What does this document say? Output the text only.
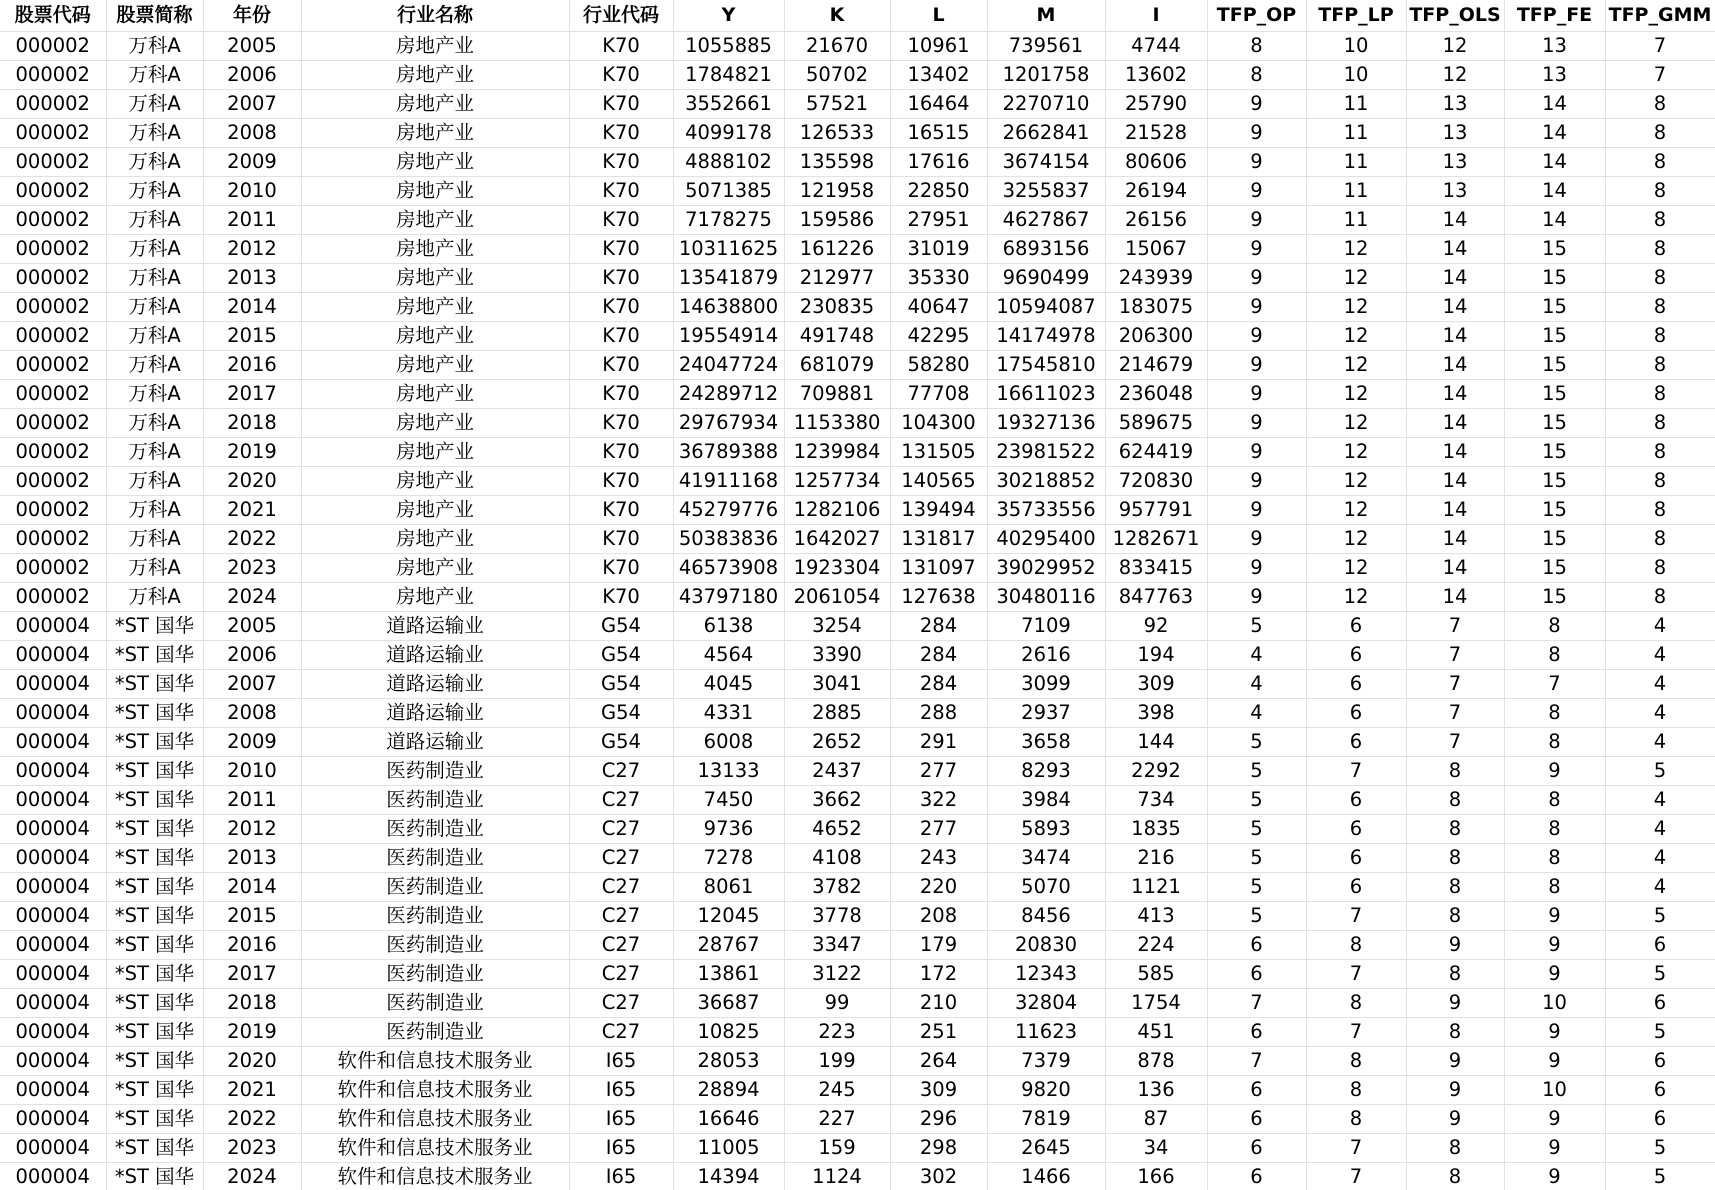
股票代码	股票简称	年份	行业名称	行业代码	Y	K	L	M	I	TFP_OP	TFP_LP	TFP_OLS	TFP_FE	TFP_GMM
000002	万科A	2005	房地产业	K70	1055885	21670	10961	739561	4744	8	10	12	13	7
000002	万科A	2006	房地产业	K70	1784821	50702	13402	1201758	13602	8	10	12	13	7
000002	万科A	2007	房地产业	K70	3552661	57521	16464	2270710	25790	9	11	13	14	8
000002	万科A	2008	房地产业	K70	4099178	126533	16515	2662841	21528	9	11	13	14	8
000002	万科A	2009	房地产业	K70	4888102	135598	17616	3674154	80606	9	11	13	14	8
000002	万科A	2010	房地产业	K70	5071385	121958	22850	3255837	26194	9	11	13	14	8
000002	万科A	2011	房地产业	K70	7178275	159586	27951	4627867	26156	9	11	14	14	8
000002	万科A	2012	房地产业	K70	10311625	161226	31019	6893156	15067	9	12	14	15	8
000002	万科A	2013	房地产业	K70	13541879	212977	35330	9690499	243939	9	12	14	15	8
000002	万科A	2014	房地产业	K70	14638800	230835	40647	10594087	183075	9	12	14	15	8
000002	万科A	2015	房地产业	K70	19554914	491748	42295	14174978	206300	9	12	14	15	8
000002	万科A	2016	房地产业	K70	24047724	681079	58280	17545810	214679	9	12	14	15	8
000002	万科A	2017	房地产业	K70	24289712	709881	77708	16611023	236048	9	12	14	15	8
000002	万科A	2018	房地产业	K70	29767934	1153380	104300	19327136	589675	9	12	14	15	8
000002	万科A	2019	房地产业	K70	36789388	1239984	131505	23981522	624419	9	12	14	15	8
000002	万科A	2020	房地产业	K70	41911168	1257734	140565	30218852	720830	9	12	14	15	8
000002	万科A	2021	房地产业	K70	45279776	1282106	139494	35733556	957791	9	12	14	15	8
000002	万科A	2022	房地产业	K70	50383836	1642027	131817	40295400	1282671	9	12	14	15	8
000002	万科A	2023	房地产业	K70	46573908	1923304	131097	39029952	833415	9	12	14	15	8
000002	万科A	2024	房地产业	K70	43797180	2061054	127638	30480116	847763	9	12	14	15	8
000004	*ST 国华	2005	道路运输业	G54	6138	3254	284	7109	92	5	6	7	8	4
000004	*ST 国华	2006	道路运输业	G54	4564	3390	284	2616	194	4	6	7	8	4
000004	*ST 国华	2007	道路运输业	G54	4045	3041	284	3099	309	4	6	7	7	4
000004	*ST 国华	2008	道路运输业	G54	4331	2885	288	2937	398	4	6	7	8	4
000004	*ST 国华	2009	道路运输业	G54	6008	2652	291	3658	144	5	6	7	8	4
000004	*ST 国华	2010	医药制造业	C27	13133	2437	277	8293	2292	5	7	8	9	5
000004	*ST 国华	2011	医药制造业	C27	7450	3662	322	3984	734	5	6	8	8	4
000004	*ST 国华	2012	医药制造业	C27	9736	4652	277	5893	1835	5	6	8	8	4
000004	*ST 国华	2013	医药制造业	C27	7278	4108	243	3474	216	5	6	8	8	4
000004	*ST 国华	2014	医药制造业	C27	8061	3782	220	5070	1121	5	6	8	8	4
000004	*ST 国华	2015	医药制造业	C27	12045	3778	208	8456	413	5	7	8	9	5
000004	*ST 国华	2016	医药制造业	C27	28767	3347	179	20830	224	6	8	9	9	6
000004	*ST 国华	2017	医药制造业	C27	13861	3122	172	12343	585	6	7	8	9	5
000004	*ST 国华	2018	医药制造业	C27	36687	99	210	32804	1754	7	8	9	10	6
000004	*ST 国华	2019	医药制造业	C27	10825	223	251	11623	451	6	7	8	9	5
000004	*ST 国华	2020	软件和信息技术服务业	I65	28053	199	264	7379	878	7	8	9	9	6
000004	*ST 国华	2021	软件和信息技术服务业	I65	28894	245	309	9820	136	6	8	9	10	6
000004	*ST 国华	2022	软件和信息技术服务业	I65	16646	227	296	7819	87	6	8	9	9	6
000004	*ST 国华	2023	软件和信息技术服务业	I65	11005	159	298	2645	34	6	7	8	9	5
000004	*ST 国华	2024	软件和信息技术服务业	I65	14394	1124	302	1466	166	6	7	8	9	5
